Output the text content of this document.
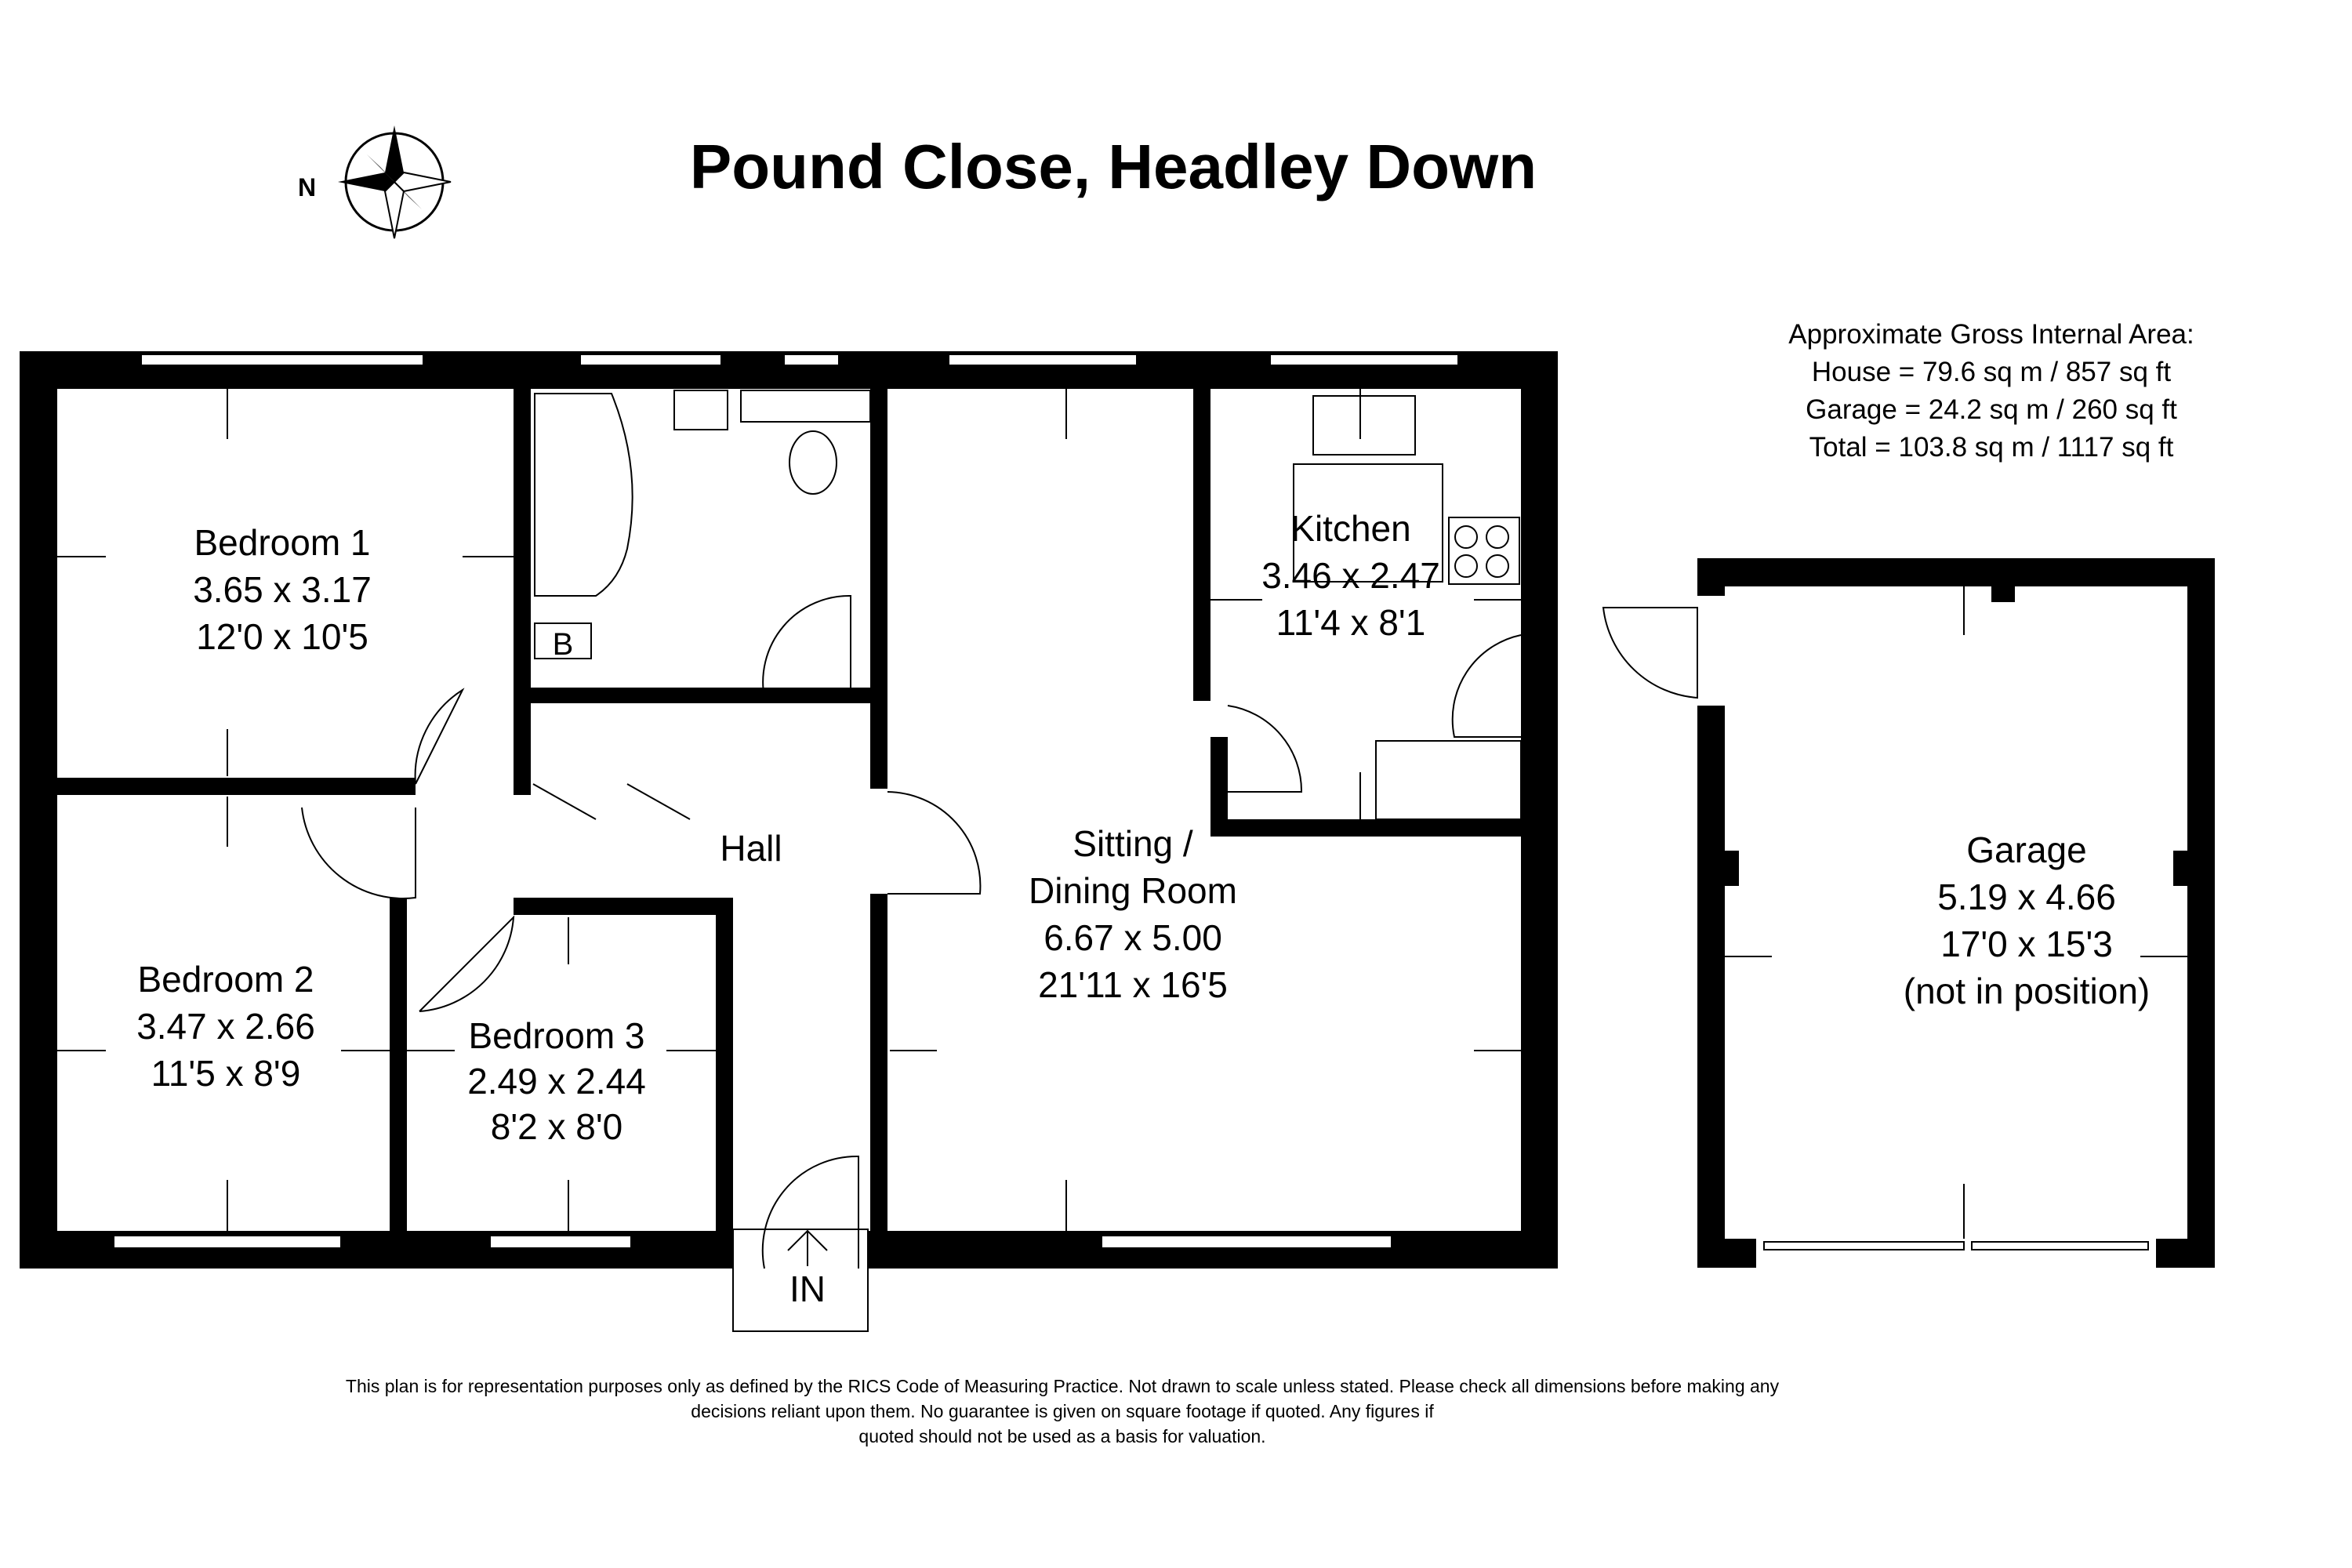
N	Pound Close, Headley Down
Approximate Gross Internal Area:
House = 79.6 sq m / 857 sq ft
Garage = 24.2 sq m / 260 sq ft
Total = 103.8 sq m / 1117 sq ft
IN
B
Bedroom 1
3.65 x 3.17
12'0 x 10'5
Bedroom 2
3.47 x 2.66
11'5 x 8'9
Bedroom 3
2.49 x 2.44
8'2 x 8'0
Hall
Kitchen
3.46 x 2.47
11'4 x 8'1
Sitting /
Dining Room
6.67 x 5.00
21'11 x 16'5
Garage
5.19 x 4.66
17'0 x 15'3
(not in position)
This plan is for representation purposes only as defined by the RICS Code of Measuring Practice. Not drawn to scale unless stated. Please check all dimensions before making any
decisions reliant upon them. No guarantee is given on square footage if quoted. Any figures if
quoted should not be used as a basis for valuation.
